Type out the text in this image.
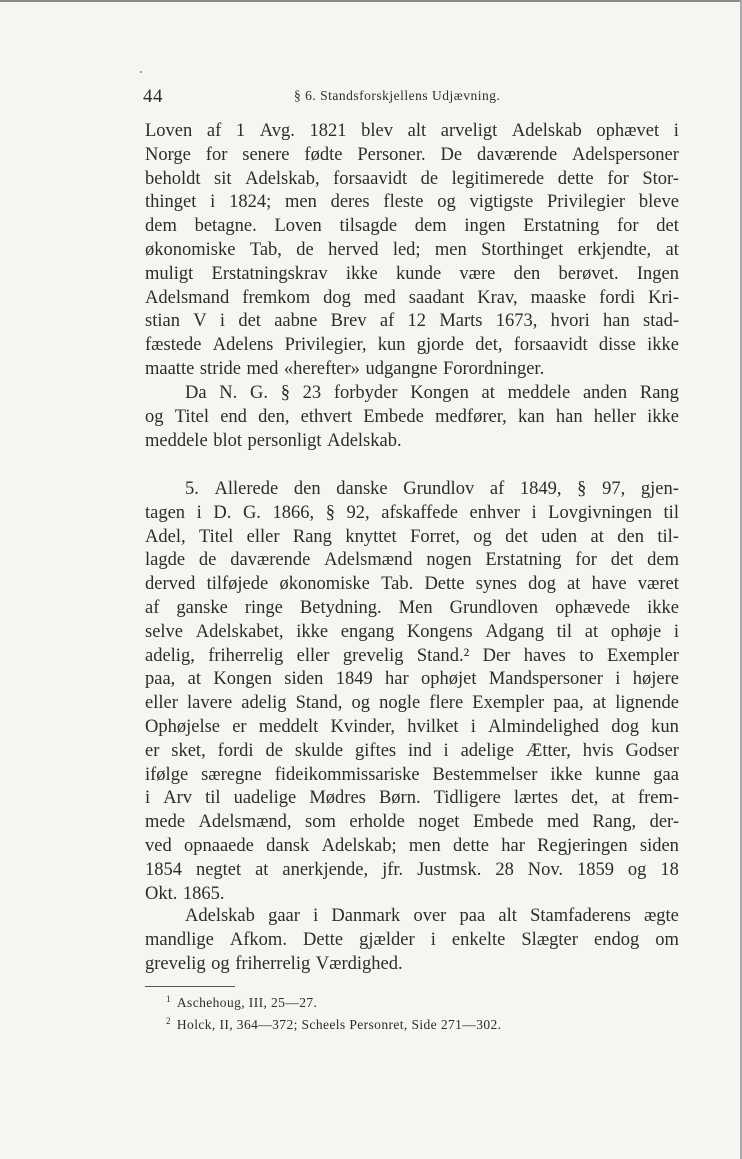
44	§ 6. Standsforskjellens Udjævning.
Loven af 1 Avg. 1821 blev alt arveligt Adelskab ophævet i
Norge for senere fødte Personer. De daværende Adelspersoner
beholdt sit Adelskab, forsaavidt de legitimerede dette for Stor-
thinget i 1824; men deres fleste og vigtigste Privilegier bleve
dem betagne. Loven tilsagde dem ingen Erstatning for det
økonomiske Tab, de herved led; men Storthinget erkjendte, at
muligt Erstatningskrav ikke kunde være den berøvet. Ingen
Adelsmand fremkom dog med saadant Krav, maaske fordi Kri-
stian V i det aabne Brev af 12 Marts 1673, hvori han stad-
fæstede Adelens Privilegier, kun gjorde det, forsaavidt disse ikke
maatte stride med «herefter» udgangne Forordninger.
Da N. G. § 23 forbyder Kongen at meddele anden Rang
og Titel end den, ethvert Embede medfører, kan han heller ikke
meddele blot personligt Adelskab.
5. Allerede den danske Grundlov af 1849, § 97, gjen-
tagen i D. G. 1866, § 92, afskaffede enhver i Lovgivningen til
Adel, Titel eller Rang knyttet Forret, og det uden at den til-
lagde de daværende Adelsmænd nogen Erstatning for det dem
derved tilføjede økonomiske Tab. Dette synes dog at have været
af ganske ringe Betydning. Men Grundloven ophævede ikke
selve Adelskabet, ikke engang Kongens Adgang til at ophøje i
adelig, friherrelig eller grevelig Stand.² Der haves to Exempler
paa, at Kongen siden 1849 har ophøjet Mandspersoner i højere
eller lavere adelig Stand, og nogle flere Exempler paa, at lignende
Ophøjelse er meddelt Kvinder, hvilket i Almindelighed dog kun
er sket, fordi de skulde giftes ind i adelige Ætter, hvis Godser
ifølge særegne fideikommissariske Bestemmelser ikke kunne gaa
i Arv til uadelige Mødres Børn. Tidligere lærtes det, at frem-
mede Adelsmænd, som erholde noget Embede med Rang, der-
ved opnaaede dansk Adelskab; men dette har Regjeringen siden
1854 negtet at anerkjende, jfr. Justmsk. 28 Nov. 1859 og 18
Okt. 1865.
Adelskab gaar i Danmark over paa alt Stamfaderens ægte
mandlige Afkom. Dette gjælder i enkelte Slægter endog om
grevelig og friherrelig Værdighed.
$^1$ Aschehoug, III, 25—27.
$^2$ Holck, II, 364—372; Scheels Personret, Side 271—302.
